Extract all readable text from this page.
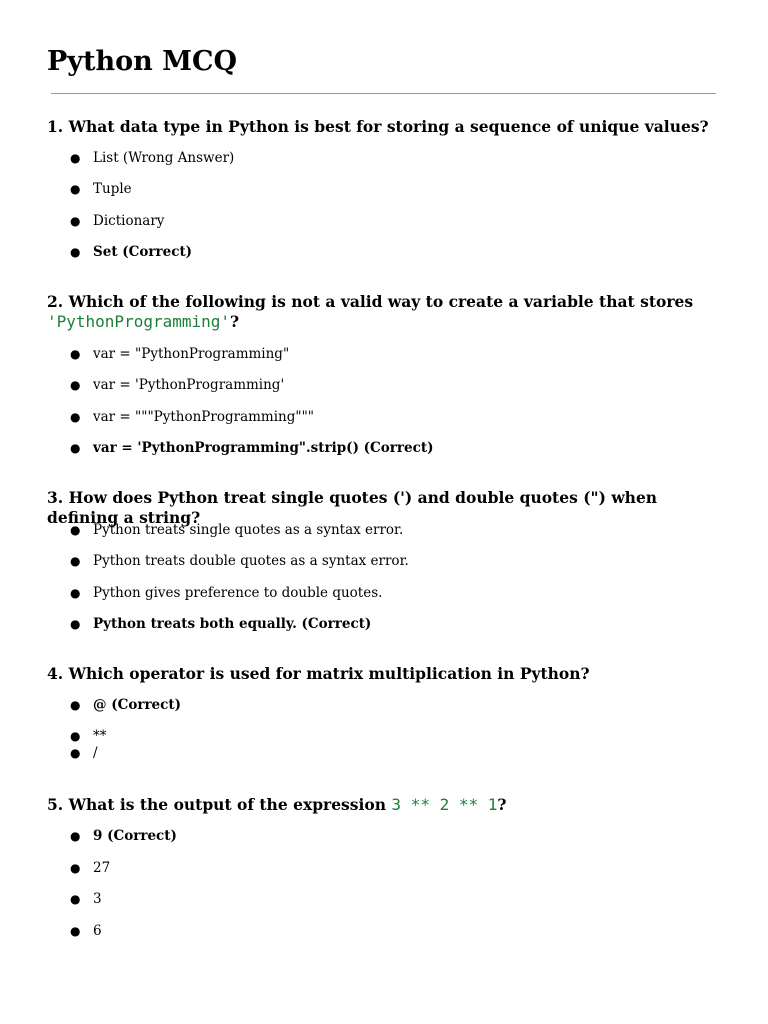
Python MCQ

1. What data type in Python is best for storing a sequence of unique values?

● List (Wrong Answer)
● Tuple
● Dictionary
● Set (Correct)

2. Which of the following is not a valid way to create a variable that stores
'PythonProgramming'?

● var = "PythonProgramming"
● var = 'PythonProgramming'
● var = """PythonProgramming"""
● var = 'PythonProgramming".strip() (Correct)

3. How does Python treat single quotes (') and double quotes (") when defining a string?

● Python treats single quotes as a syntax error.
● Python treats double quotes as a syntax error.
● Python gives preference to double quotes.
● Python treats both equally. (Correct)

4. Which operator is used for matrix multiplication in Python?

● @ (Correct)
● **
● /

5. What is the output of the expression 3 ** 2 ** 1?

● 9 (Correct)
● 27
● 3
● 6
